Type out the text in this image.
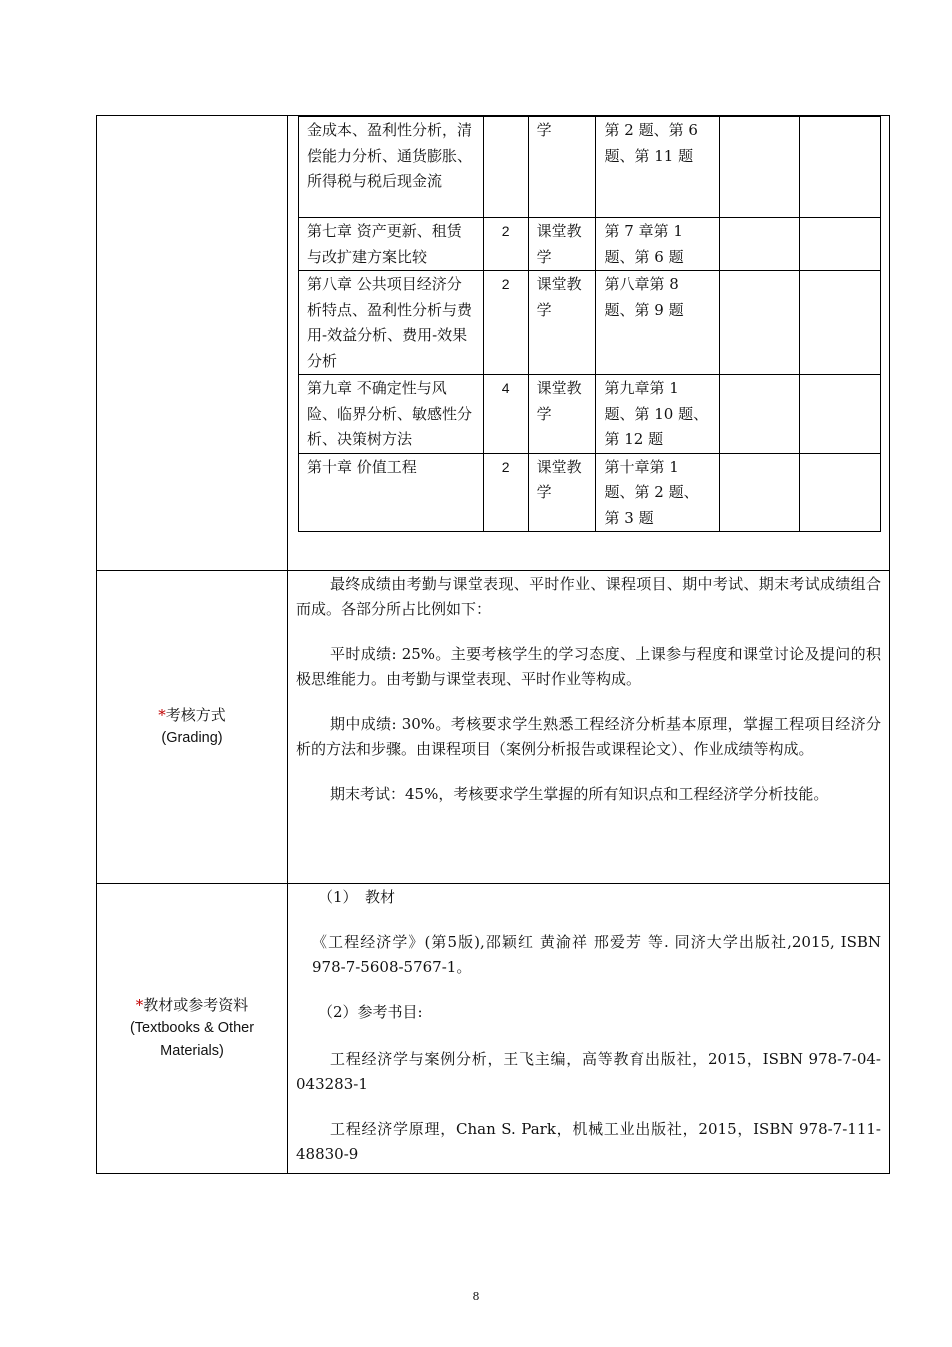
金成本、盈利性分析，清偿能力分析、通货膨胀、所得税与税后现金流		学	第 2 题、第 6 题、第 11 题		
第七章 资产更新、租赁与改扩建方案比较	2	课堂教学	第 7 章第 1 题、第 6 题		
第八章 公共项目经济分析特点、盈利性分析与费用-效益分析、费用-效果分析	2	课堂教学	第八章第 8 题、第 9 题		
第九章 不确定性与风险、临界分析、敏感性分析、决策树方法	4	课堂教学	第九章第 1 题、第 10 题、第 12 题		
第十章 价值工程	2	课堂教学	第十章第 1 题、第 2 题、第 3 题		

*考核方式
(Grading)

最终成绩由考勤与课堂表现、平时作业、课程项目、期中考试、期末考试成绩组合而成。各部分所占比例如下：

平时成绩: 25%。主要考核学生的学习态度、上课参与程度和课堂讨论及提问的积极思维能力。由考勤与课堂表现、平时作业等构成。

期中成绩: 30%。考核要求学生熟悉工程经济分析基本原理，掌握工程项目经济分析的方法和步骤。由课程项目（案例分析报告或课程论文）、作业成绩等构成。

期末考试：45%，考核要求学生掌握的所有知识点和工程经济学分析技能。

*教材或参考资料
(Textbooks & Other Materials)

（1）　教材

《工程经济学》(第5版),邵颖红 黄渝祥 邢爱芳 等. 同济大学出版社,2015, ISBN 978-7-5608-5767-1。

（2）参考书目:

工程经济学与案例分析，王飞主编，高等教育出版社，2015，ISBN 978-7-04-043283-1

工程经济学原理，Chan S. Park，机械工业出版社，2015，ISBN 978-7-111-48830-9

8
